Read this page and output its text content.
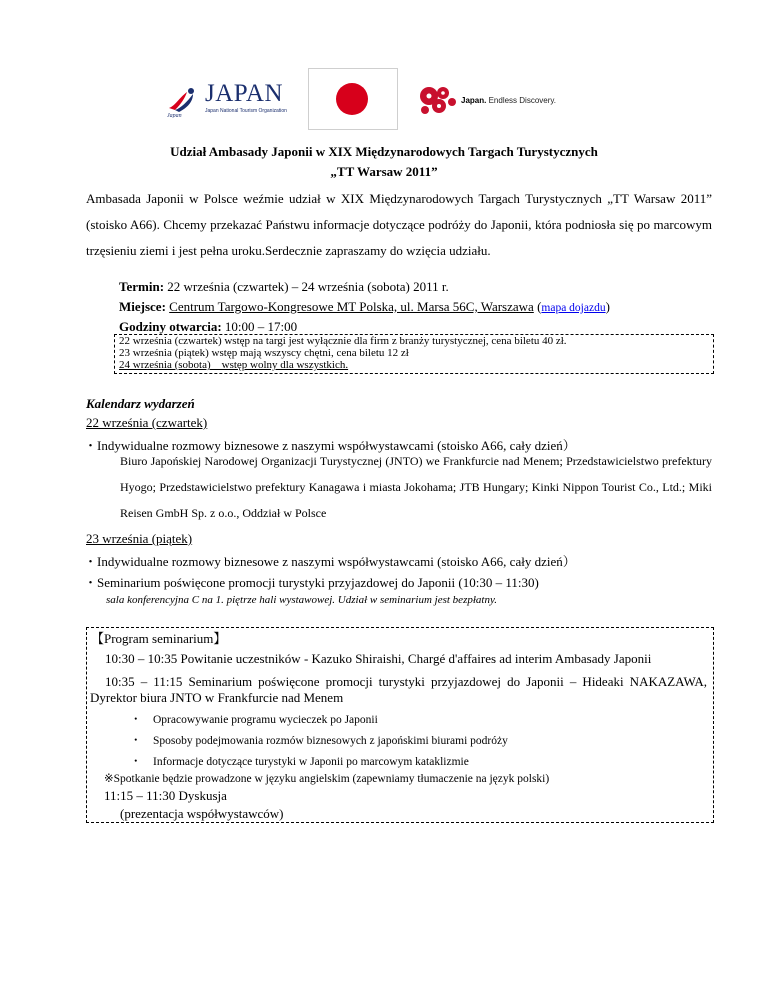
Japan
JAPAN
Japan National Tourism Organization
Japan. Endless Discovery.
Udział Ambasady Japonii w XIX Międzynarodowych Targach Turystycznych
„TT Warsaw 2011”
Ambasada Japonii w Polsce weźmie udział w XIX Międzynarodowych Targach Turystycznych „TT Warsaw 2011” (stoisko A66). Chcemy przekazać Państwu informacje dotyczące podróży do Japonii, która podniosła się po marcowym trzęsieniu ziemi i jest pełna uroku.Serdecznie zapraszamy do wzięcia udziału.
Termin: 22 września (czwartek) – 24 września (sobota) 2011 r.
Miejsce: Centrum Targowo-Kongresowe MT Polska, ul. Marsa 56C, Warszawa (mapa dojazdu)
Godziny otwarcia: 10:00 – 17:00
22 września (czwartek) wstęp na targi jest wyłącznie dla firm z branży turystycznej, cena biletu 40 zł.
23 września (piątek) wstęp mają wszyscy chętni, cena biletu 12 zł
24 września (sobota)　wstęp wolny dla wszystkich.
Kalendarz wydarzeń
22 września (czwartek)
・Indywidualne rozmowy biznesowe z naszymi współwystawcami (stoisko A66, cały dzień）
Biuro Japońskiej Narodowej Organizacji Turystycznej (JNTO) we Frankfurcie nad Menem; Przedstawicielstwo prefektury Hyogo; Przedstawicielstwo prefektury Kanagawa i miasta Jokohama; JTB Hungary; Kinki Nippon Tourist Co., Ltd.; Miki Reisen GmbH Sp. z o.o., Oddział w Polsce
23 września (piątek)
・Indywidualne rozmowy biznesowe z naszymi współwystawcami (stoisko A66, cały dzień）
・Seminarium poświęcone promocji turystyki przyjazdowej do Japonii (10:30 – 11:30)
sala konferencyjna C na 1. piętrze hali wystawowej. Udział w seminarium jest bezpłatny.
【Program seminarium】
10:30 – 10:35 Powitanie uczestników - Kazuko Shiraishi, Chargé d'affaires ad interim Ambasady Japonii
10:35 – 11:15 Seminarium poświęcone promocji turystyki przyjazdowej do Japonii – Hideaki NAKAZAWA,
Dyrektor biura JNTO w Frankfurcie nad Menem
・　Opracowywanie programu wycieczek po Japonii
・　Sposoby podejmowania rozmów biznesowych z japońskimi biurami podróży
・　Informacje dotyczące turystyki w Japonii po marcowym kataklizmie
※Spotkanie będzie prowadzone w języku angielskim (zapewniamy tłumaczenie na język polski)
11:15 – 11:30 Dyskusja
(prezentacja współwystawców)
